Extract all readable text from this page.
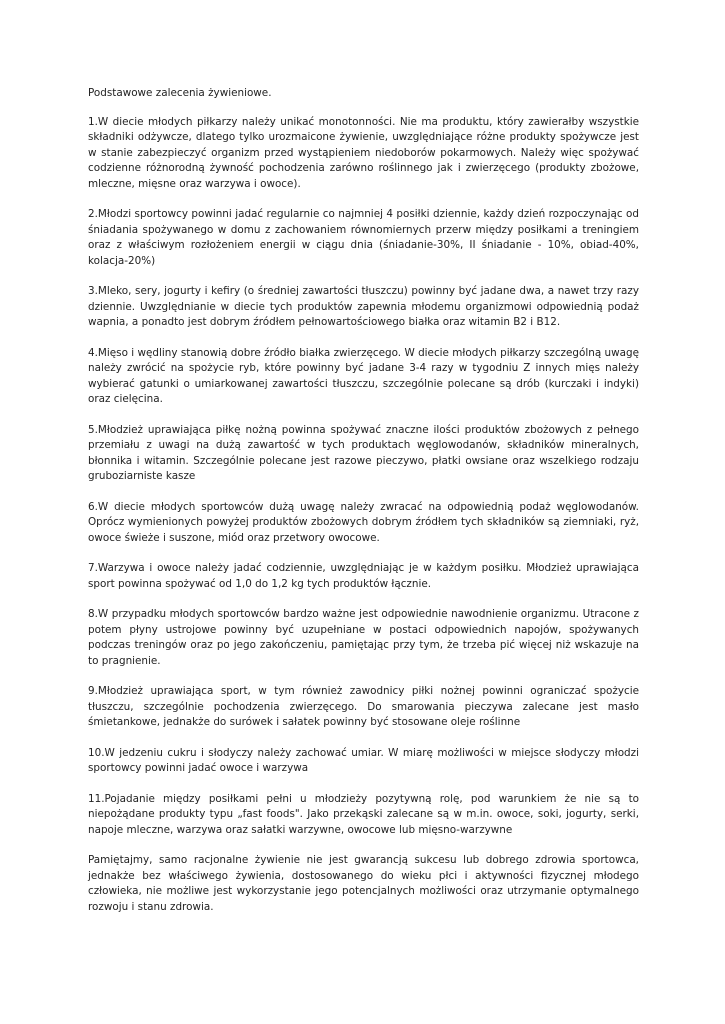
Podstawowe zalecenia żywieniowe.

1.W diecie młodych piłkarzy należy unikać monotonności. Nie ma produktu, który zawierałby wszystkie składniki odżywcze, dlatego tylko urozmaicone żywienie, uwzględniające różne produkty spożywcze jest w stanie zabezpieczyć organizm przed wystąpieniem niedoborów pokarmowych. Należy więc spożywać codzienne różnorodną żywność pochodzenia zarówno roślinnego jak i zwierzęcego (produkty zbożowe, mleczne, mięsne oraz warzywa i owoce).

2.Młodzi sportowcy powinni jadać regularnie co najmniej 4 posiłki dziennie, każdy dzień rozpoczynając od śniadania spożywanego w domu z zachowaniem równomiernych przerw między posiłkami a treningiem oraz z właściwym rozłożeniem energii w ciągu dnia (śniadanie-30%, II śniadanie - 10%, obiad-40%, kolacja-20%)

3.Mleko, sery, jogurty i kefiry (o średniej zawartości tłuszczu) powinny być jadane dwa, a nawet trzy razy dziennie. Uwzględnianie w diecie tych produktów zapewnia młodemu organizmowi odpowiednią podaż wapnia, a ponadto jest dobrym źródłem pełnowartościowego białka oraz witamin B2 i B12.

4.Mięso i wędliny stanowią dobre źródło białka zwierzęcego. W diecie młodych piłkarzy szczególną uwagę należy zwrócić na spożycie ryb, które powinny być jadane 3-4 razy w tygodniu Z innych mięs należy wybierać gatunki o umiarkowanej zawartości tłuszczu, szczególnie polecane są drób (kurczaki i indyki) oraz cielęcina.

5.Młodzież uprawiająca piłkę nożną powinna spożywać znaczne ilości produktów zbożowych z pełnego przemiału z uwagi na dużą zawartość w tych produktach węglowodanów, składników mineralnych, błonnika i witamin. Szczególnie polecane jest razowe pieczywo, płatki owsiane oraz wszelkiego rodzaju gruboziarniste kasze

6.W diecie młodych sportowców dużą uwagę należy zwracać na odpowiednią podaż węglowodanów. Oprócz wymienionych powyżej produktów zbożowych dobrym źródłem tych składników są ziemniaki, ryż, owoce świeże i suszone, miód oraz przetwory owocowe.

7.Warzywa i owoce należy jadać codziennie, uwzględniając je w każdym posiłku. Młodzież uprawiająca sport powinna spożywać od 1,0 do 1,2 kg tych produktów łącznie.

8.W przypadku młodych sportowców bardzo ważne jest odpowiednie nawodnienie organizmu. Utracone z potem płyny ustrojowe powinny być uzupełniane w postaci odpowiednich napojów, spożywanych podczas treningów oraz po jego zakończeniu, pamiętając przy tym, że trzeba pić więcej niż wskazuje na to pragnienie.

9.Młodzież uprawiająca sport, w tym również zawodnicy piłki nożnej powinni ograniczać spożycie tłuszczu, szczególnie pochodzenia zwierzęcego. Do smarowania pieczywa zalecane jest masło śmietankowe, jednakże do surówek i sałatek powinny być stosowane oleje roślinne

10.W jedzeniu cukru i słodyczy należy zachować umiar. W miarę możliwości w miejsce słodyczy młodzi sportowcy powinni jadać owoce i warzywa

11.Pojadanie między posiłkami pełni u młodzieży pozytywną rolę, pod warunkiem że nie są to niepożądane produkty typu „fast foods". Jako przekąski zalecane są w m.in. owoce, soki, jogurty, serki, napoje mleczne, warzywa oraz sałatki warzywne, owocowe lub mięsno-warzywne

Pamiętajmy, samo racjonalne żywienie nie jest gwarancją sukcesu lub dobrego zdrowia sportowca, jednakże bez właściwego żywienia, dostosowanego do wieku płci i aktywności fizycznej młodego człowieka, nie możliwe jest wykorzystanie jego potencjalnych możliwości oraz utrzymanie optymalnego rozwoju i stanu zdrowia.
